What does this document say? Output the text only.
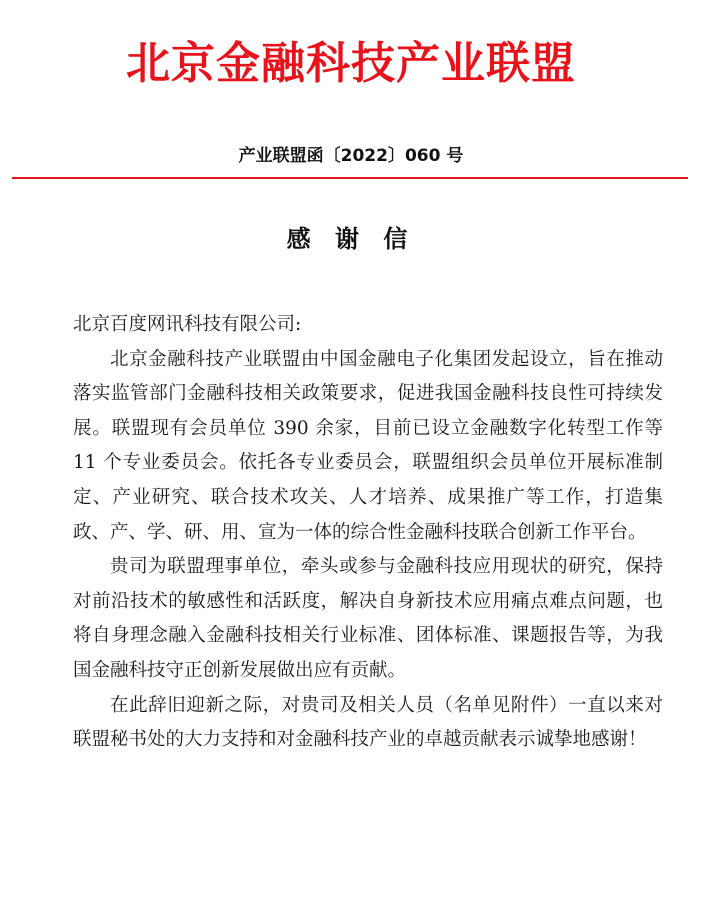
北京金融科技产业联盟
产业联盟函〔2022〕060 号
感 谢 信

北京百度网讯科技有限公司:

北京金融科技产业联盟由中国金融电子化集团发起设立，旨在推动落实监管部门金融科技相关政策要求，促进我国金融科技良性可持续发展。联盟现有会员单位 390 余家，目前已设立金融数字化转型工作等 11 个专业委员会。依托各专业委员会，联盟组织会员单位开展标准制定、产业研究、联合技术攻关、人才培养、成果推广等工作，打造集政、产、学、研、用、宣为一体的综合性金融科技联合创新工作平台。

贵司为联盟理事单位，牵头或参与金融科技应用现状的研究，保持对前沿技术的敏感性和活跃度，解决自身新技术应用痛点难点问题，也将自身理念融入金融科技相关行业标准、团体标准、课题报告等，为我国金融科技守正创新发展做出应有贡献。

在此辞旧迎新之际，对贵司及相关人员（名单见附件）一直以来对联盟秘书处的大力支持和对金融科技产业的卓越贡献表示诚挚地感谢！
